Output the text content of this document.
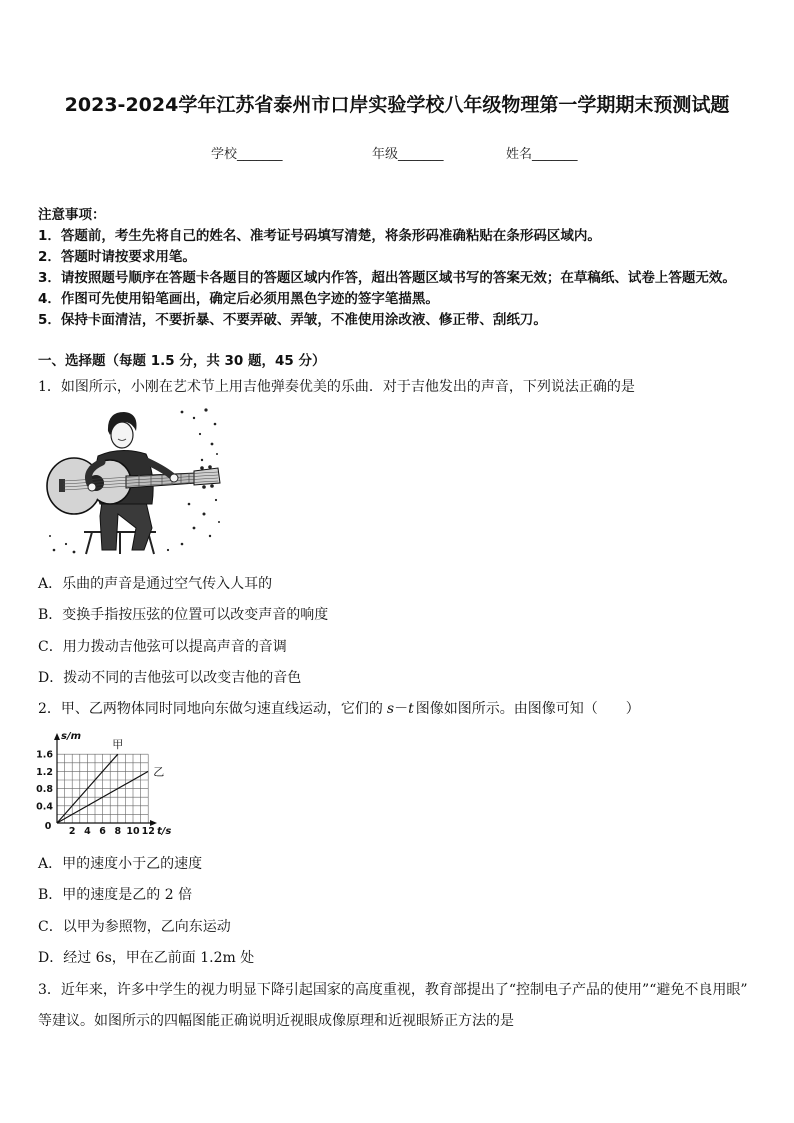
2023-2024学年江苏省泰州市口岸实验学校八年级物理第一学期期末预测试题
学校_______	年级_______	姓名_______
注意事项：
1．答题前，考生先将自己的姓名、准考证号码填写清楚，将条形码准确粘贴在条形码区域内。
2．答题时请按要求用笔。
3．请按照题号顺序在答题卡各题目的答题区域内作答，超出答题区域书写的答案无效；在草稿纸、试卷上答题无效。
4．作图可先使用铅笔画出，确定后必须用黑色字迹的签字笔描黑。
5．保持卡面清洁，不要折暴、不要弄破、弄皱，不准使用涂改液、修正带、刮纸刀。
一、选择题（每题 1.5 分，共 30 题，45 分）
1．如图所示，小刚在艺术节上用吉他弹奏优美的乐曲．对于吉他发出的声音，下列说法正确的是
A．乐曲的声音是通过空气传入人耳的
B．变换手指按压弦的位置可以改变声音的响度
C．用力拨动吉他弦可以提高声音的音调
D．拨动不同的吉他弦可以改变吉他的音色
2．甲、乙两物体同时同地向东做匀速直线运动，它们的 s－t 图像如图所示。由图像可知（　　）
0.4
0.8
1.2
1.6
2 4 6 8 10 12
0
s/m
t/s
甲
乙
A．甲的速度小于乙的速度
B．甲的速度是乙的 2 倍
C．以甲为参照物，乙向东运动
D．经过 6s，甲在乙前面 1.2m 处
3．近年来，许多中学生的视力明显下降引起国家的高度重视，教育部提出了“控制电子产品的使用”“避免不良用眼”
等建议。如图所示的四幅图能正确说明近视眼成像原理和近视眼矫正方法的是
